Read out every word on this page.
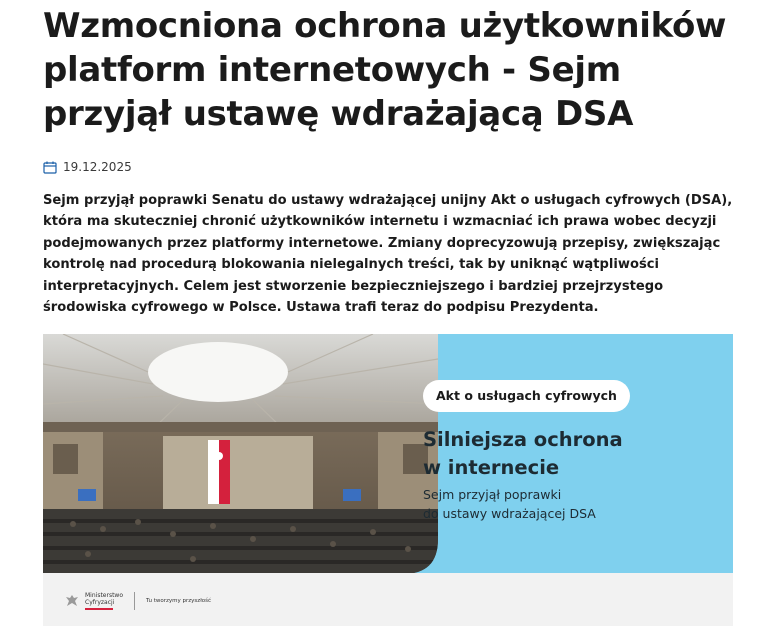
Wzmocniona ochrona użytkowników platform internetowych - Sejm przyjął ustawę wdrażającą DSA
19.12.2025

Sejm przyjął poprawki Senatu do ustawy wdrażającej unijny Akt o usługach cyfrowych (DSA), która ma skuteczniej chronić użytkowników internetu i wzmacniać ich prawa wobec decyzji podejmowanych przez platformy internetowe. Zmiany doprecyzowują przepisy, zwiększając kontrolę nad procedurą blokowania nielegalnych treści, tak by uniknąć wątpliwości interpretacyjnych. Celem jest stworzenie bezpieczniejszego i bardziej przejrzystego środowiska cyfrowego w Polsce. Ustawa trafi teraz do podpisu Prezydenta.

Akt o usługach cyfrowych
Silniejsza ochrona
w internecie
Sejm przyjął poprawki
do ustawy wdrażającej DSA
Ministerstwo
Cyfryzacji	Tu tworzymy przyszłość
